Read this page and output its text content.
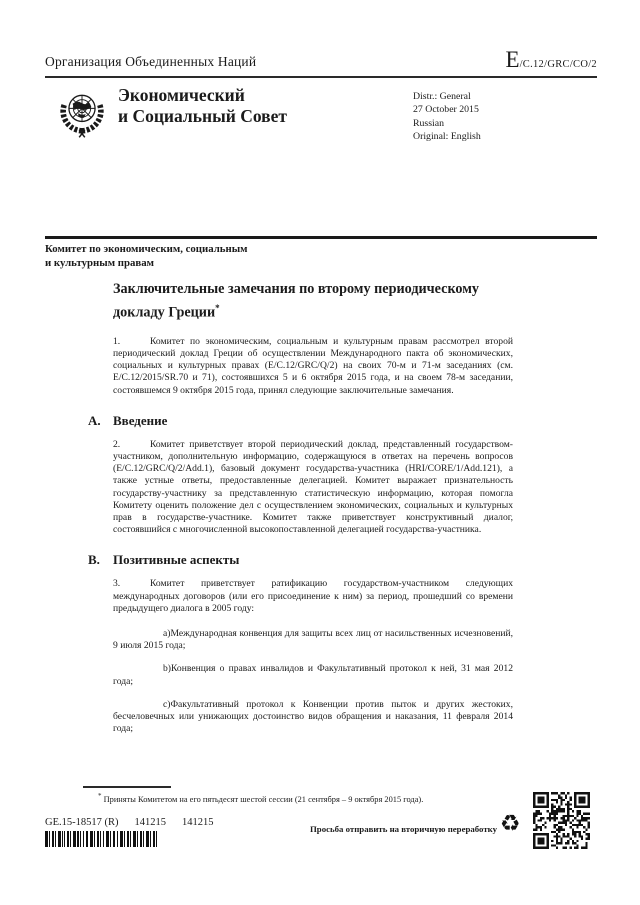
Организация Объединенных Наций	E/C.12/GRC/CO/2
Экономический
и Социальный Совет
Distr.: General
27 October 2015
Russian
Original: English
Комитет по экономическим, социальным
и культурным правам
Заключительные замечания по второму периодическому докладу Греции*

1.	Комитет по экономическим, социальным и культурным правам рассмотрел второй периодический доклад Греции об осуществлении Международного пакта об экономических, социальных и культурных правах (E/C.12/GRC/Q/2) на своих 70-м и 71-м заседаниях (см. E/C.12/2015/SR.70 и 71), состоявшихся 5 и 6 октября 2015 года, и на своем 78-м заседании, состоявшемся 9 октября 2015 года, принял следующие заключительные замечания.

A. Введение

2.	Комитет приветствует второй периодический доклад, представленный государством-участником, дополнительную информацию, содержащуюся в ответах на перечень вопросов (E/C.12/GRC/Q/2/Add.1), базовый документ государства-участника (HRI/CORE/1/Add.121), а также устные ответы, предоставленные делегацией. Комитет выражает признательность государству-участнику за представленную статистическую информацию, которая помогла Комитету оценить положение дел с осуществлением экономических, социальных и культурных прав в государстве-участнике. Комитет также приветствует конструктивный диалог, состоявшийся с многочисленной высокопоставленной делегацией государства-участника.

B. Позитивные аспекты

3.	Комитет приветствует ратификацию государством-участником следующих международных договоров (или его присоединение к ним) за период, прошедший со времени предыдущего диалога в 2005 году:

a)Международная конвенция для защиты всех лиц от насильственных исчезновений, 9 июля 2015 года;

b)Конвенция о правах инвалидов и Факультативный протокол к ней, 31 мая 2012 года;

c)Факультативный протокол к Конвенции против пыток и других жестоких, бесчеловечных или унижающих достоинство видов обращения и наказания, 11 февраля 2014 года;

* Приняты Комитетом на его пятьдесят шестой сессии (21 сентября – 9 октября 2015 года).
GE.15-18517 (R) 141215 141215
Просьба отправить на вторичную переработку ♻
